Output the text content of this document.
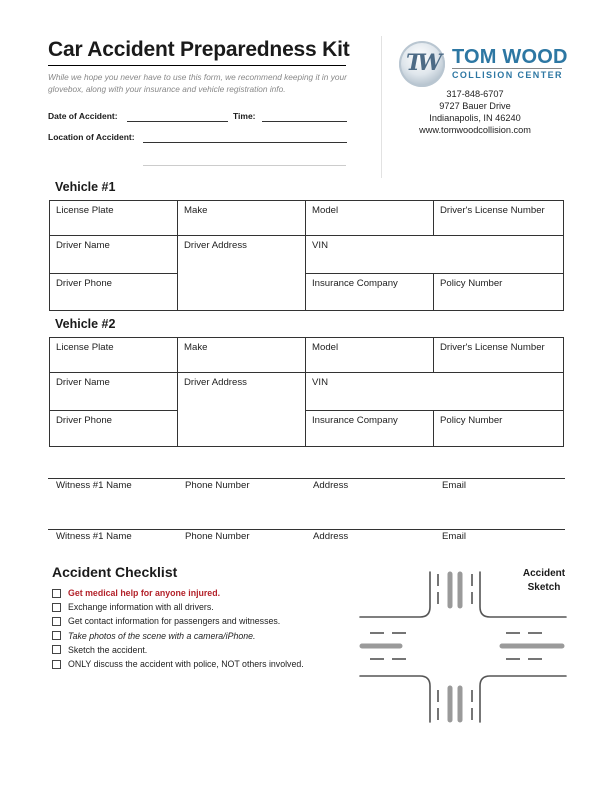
Car Accident Preparedness Kit
While we hope you never have to use this form, we recommend keeping it in your glovebox, along with your insurance and vehicle registration info.
Date of Accident:	Time:
Location of Accident:
TW TOM WOOD
COLLISION CENTER
317-848-6707
9727 Bauer Drive
Indianapolis, IN 46240
www.tomwoodcollision.com
Vehicle #1
License Plate	Make	Model	Driver's License Number
Driver Name	Driver Address	VIN	
Driver Phone		Insurance Company	Policy Number
Vehicle #2
License Plate	Make	Model	Driver's License Number
Driver Name	Driver Address	VIN	
Driver Phone		Insurance Company	Policy Number
Witness #1 Name	Phone Number	Address	Email
Witness #1 Name	Phone Number	Address	Email
Accident Checklist
Get medical help for anyone injured.
Exchange information with all drivers.
Get contact information for passengers and witnesses.
Take photos of the scene with a camera/iPhone.
Sketch the accident.
ONLY discuss the accident with police, NOT others involved.
Accident
Sketch
